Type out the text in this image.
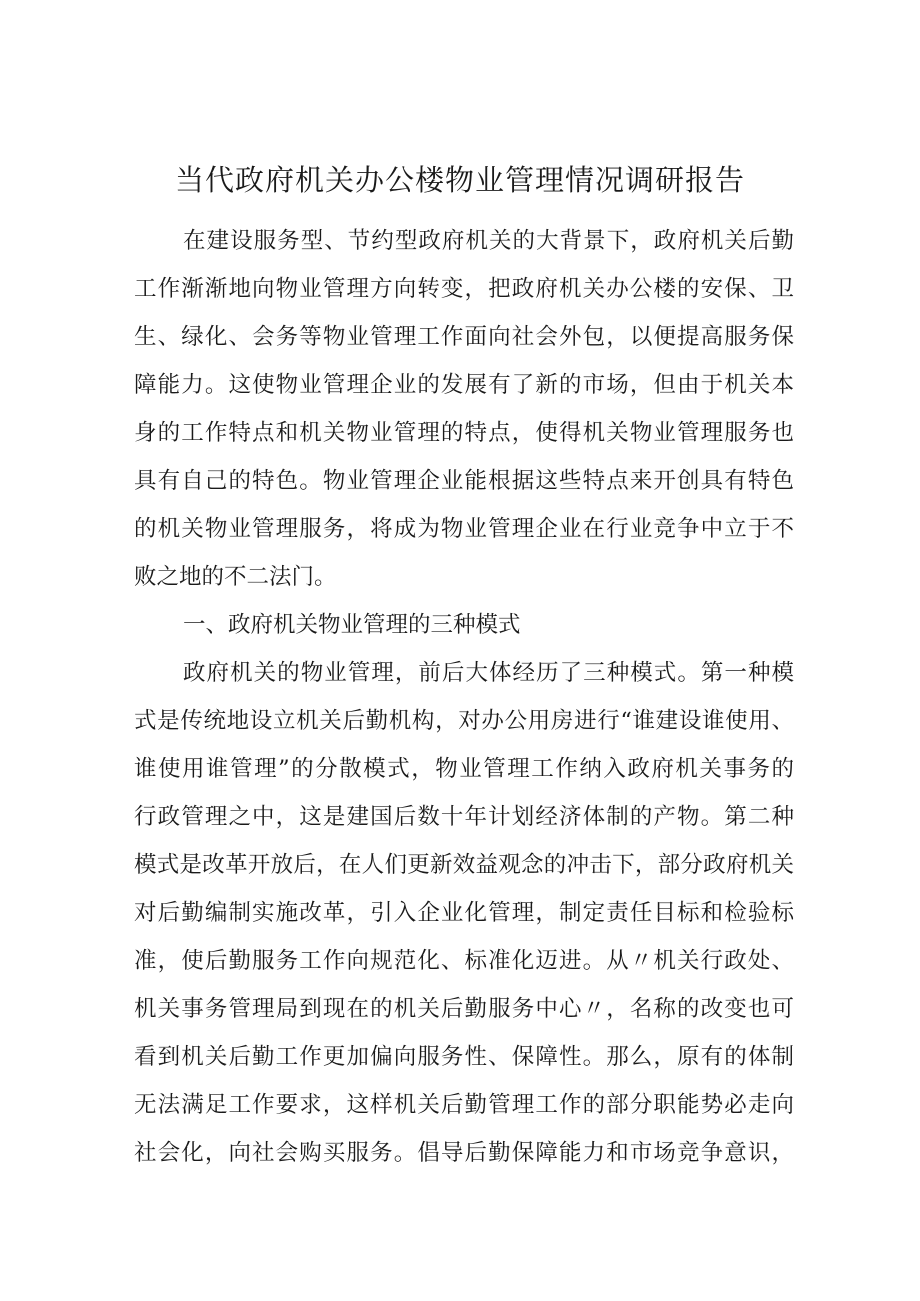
当代政府机关办公楼物业管理情况调研报告
在建设服务型、节约型政府机关的大背景下，政府机关后勤
工作渐渐地向物业管理方向转变，把政府机关办公楼的安保、卫
生、绿化、会务等物业管理工作面向社会外包，以便提高服务保
障能力。这使物业管理企业的发展有了新的市场，但由于机关本
身的工作特点和机关物业管理的特点，使得机关物业管理服务也
具有自己的特色。物业管理企业能根据这些特点来开创具有特色
的机关物业管理服务，将成为物业管理企业在行业竞争中立于不
败之地的不二法门。
一、政府机关物业管理的三种模式
政府机关的物业管理，前后大体经历了三种模式。第一种模
式是传统地设立机关后勤机构，对办公用房进行“谁建设谁使用、
谁使用谁管理”的分散模式，物业管理工作纳入政府机关事务的
行政管理之中，这是建国后数十年计划经济体制的产物。第二种
模式是改革开放后，在人们更新效益观念的冲击下，部分政府机关
对后勤编制实施改革，引入企业化管理，制定责任目标和检验标
准，使后勤服务工作向规范化、标准化迈进。从〃机关行政处、
机关事务管理局到现在的机关后勤服务中心〃，名称的改变也可
看到机关后勤工作更加偏向服务性、保障性。那么，原有的体制
无法满足工作要求，这样机关后勤管理工作的部分职能势必走向
社会化，向社会购买服务。倡导后勤保障能力和市场竞争意识，
